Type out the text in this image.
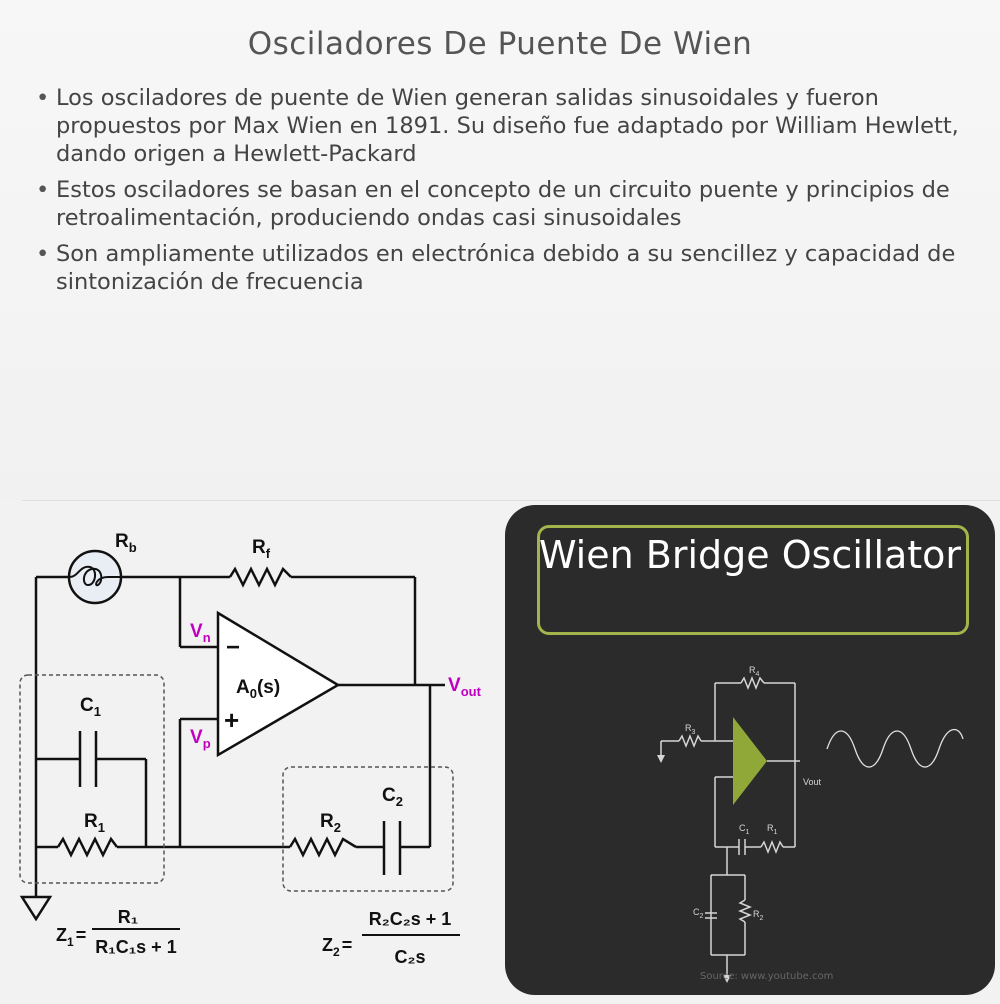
Osciladores De Puente De Wien
• Los osciladores de puente de Wien generan salidas sinusoidales y fueron propuestos por Max Wien en 1891. Su diseño fue adaptado por William Hewlett, dando origen a Hewlett-Packard
• Estos osciladores se basan en el concepto de un circuito puente y principios de retroalimentación, produciendo ondas casi sinusoidales
• Son ampliamente utilizados en electrónica debido a su sencillez y capacidad de sintonización de frecuencia
$R_b$	$R_f$
−
+
$A_0(s)$
$C_1$
$R_1$	$R_2$
$C_2$
$V_n$
$V_p$
$V_{out}$
$Z_1$ =
R₁
R₁C₁s + 1	$Z_2$ =
R₂C₂s + 1
C₂s
Wien Bridge Oscillator
$R_4$
$R_3$
Vout
$C_1$ $R_1$
$C_2$	$R_2$
Source: www.youtube.com
